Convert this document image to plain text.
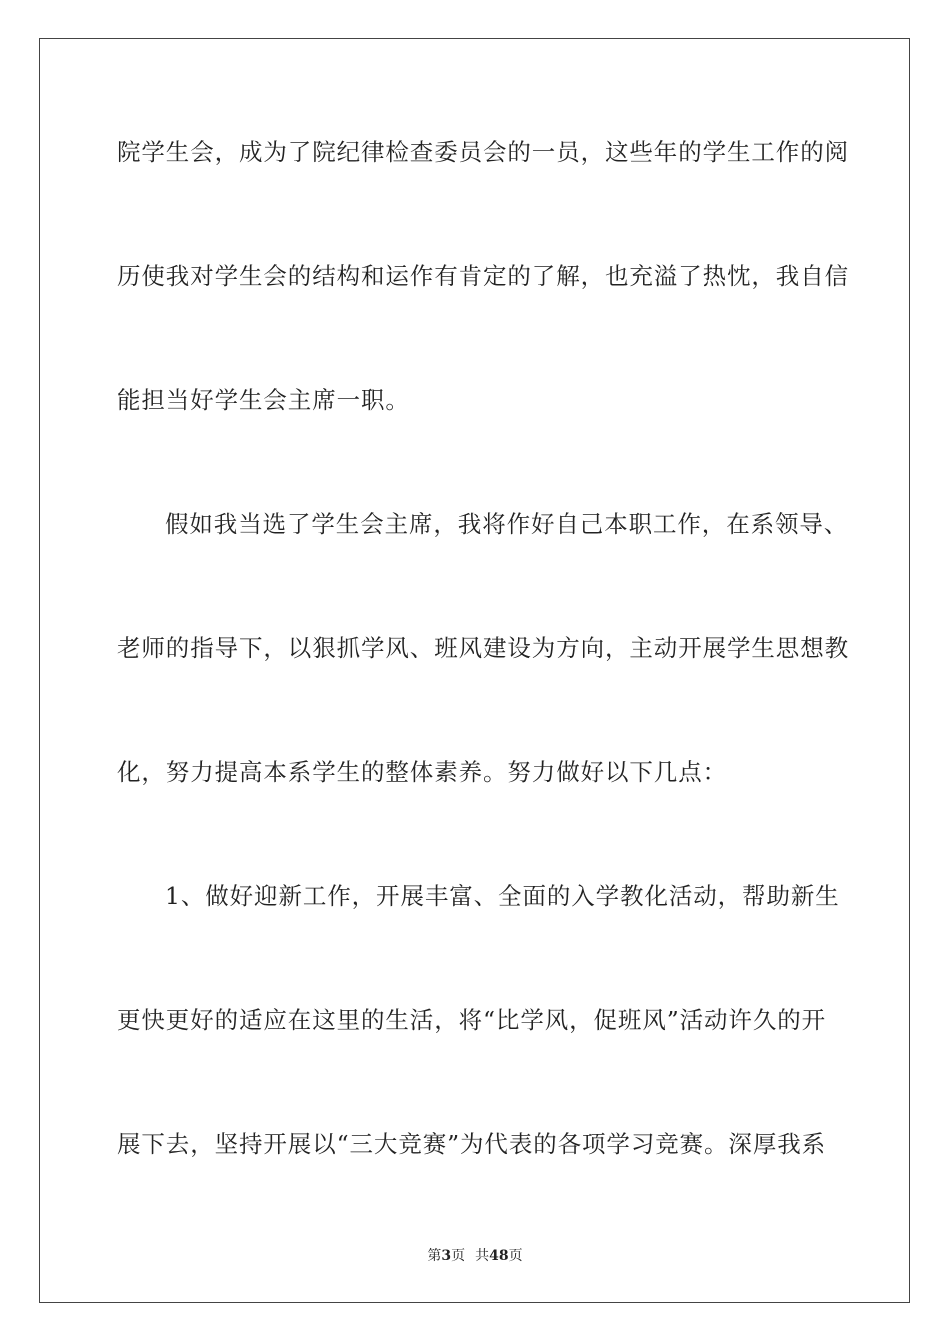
院学生会，成为了院纪律检查委员会的一员，这些年的学生工作的阅
历使我对学生会的结构和运作有肯定的了解，也充溢了热忱，我自信
能担当好学生会主席一职。
假如我当选了学生会主席，我将作好自己本职工作，在系领导、
老师的指导下，以狠抓学风、班风建设为方向，主动开展学生思想教
化，努力提高本系学生的整体素养。努力做好以下几点：
1、做好迎新工作，开展丰富、全面的入学教化活动，帮助新生
更快更好的适应在这里的生活，将“比学风，促班风”活动许久的开
展下去，坚持开展以“三大竞赛”为代表的各项学习竞赛。深厚我系
第3页 共48页
